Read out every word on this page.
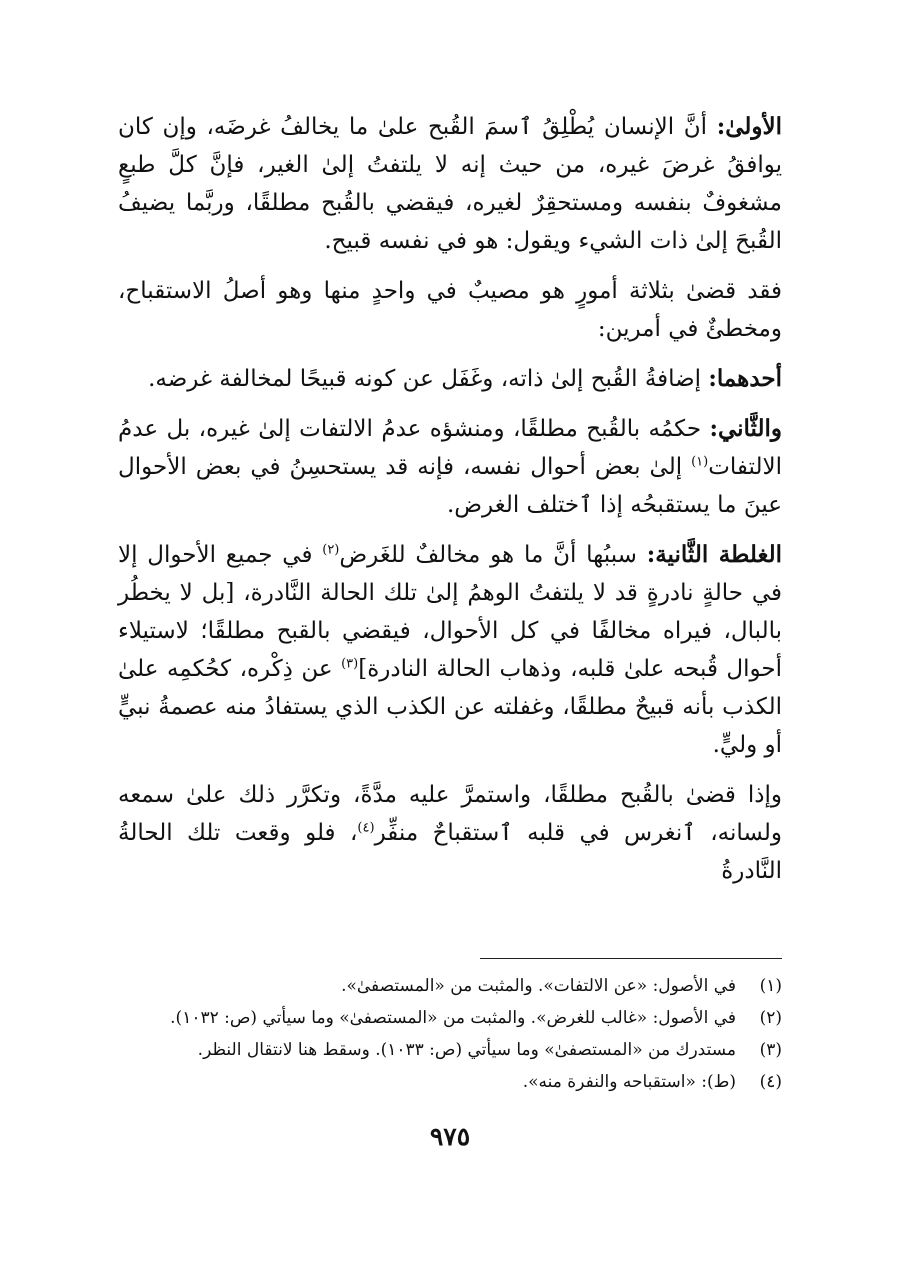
الأولىٰ: أنَّ الإنسان يُطْلِقُ ٱسمَ القُبح علىٰ ما يخالفُ غرضَه، وإن كان يوافقُ غرضَ غيره، من حيث إنه لا يلتفتُ إلىٰ الغير، فإنَّ كلَّ طبعٍ مشغوفٌ بنفسه ومستحقِرٌ لغيره، فيقضي بالقُبح مطلقًا، وربَّما يضيفُ القُبحَ إلىٰ ذات الشيء ويقول: هو في نفسه قبيح.

فقد قضىٰ بثلاثة أمورٍ هو مصيبٌ في واحدٍ منها وهو أصلُ الاستقباح، ومخطئٌ في أمرين:

أحدهما: إضافةُ القُبح إلىٰ ذاته، وغَفَل عن كونه قبيحًا لمخالفة غرضه.

والثَّاني: حكمُه بالقُبح مطلقًا، ومنشؤه عدمُ الالتفات إلىٰ غيره، بل عدمُ الالتفات$^{(١)}$ إلىٰ بعض أحوال نفسه، فإنه قد يستحسِنُ في بعض الأحوال عينَ ما يستقبحُه إذا ٱختلف الغرض.

الغلطة الثَّانية: سببُها أنَّ ما هو مخالفٌ للغَرض$^{(٢)}$ في جميع الأحوال إلا في حالةٍ نادرةٍ قد لا يلتفتُ الوهمُ إلىٰ تلك الحالة النَّادرة، [بل لا يخطُر بالبال، فيراه مخالفًا في كل الأحوال، فيقضي بالقبح مطلقًا؛ لاستيلاء أحوال قُبحه علىٰ قلبه، وذهاب الحالة النادرة]$^{(٣)}$ عن ذِكْره، كحُكمِه علىٰ الكذب بأنه قبيحٌ مطلقًا، وغفلته عن الكذب الذي يستفادُ منه عصمةُ نبيٍّ أو وليٍّ.

وإذا قضىٰ بالقُبح مطلقًا، واستمرَّ عليه مدَّةً، وتكرَّر ذلك علىٰ سمعه ولسانه، ٱنغرس في قلبه ٱستقباحٌ منفِّر$^{(٤)}$، فلو وقعت تلك الحالةُ النَّادرةُ

(١)
في الأصول: «عن الالتفات». والمثبت من «المستصفىٰ».
(٢)
في الأصول: «غالب للغرض». والمثبت من «المستصفىٰ» وما سيأتي (ص: ١٠٣٢).
(٣)
مستدرك من «المستصفىٰ» وما سيأتي (ص: ١٠٣٣). وسقط هنا لانتقال النظر.
(٤)
(ط): «استقباحه والنفرة منه».
٩٧٥
